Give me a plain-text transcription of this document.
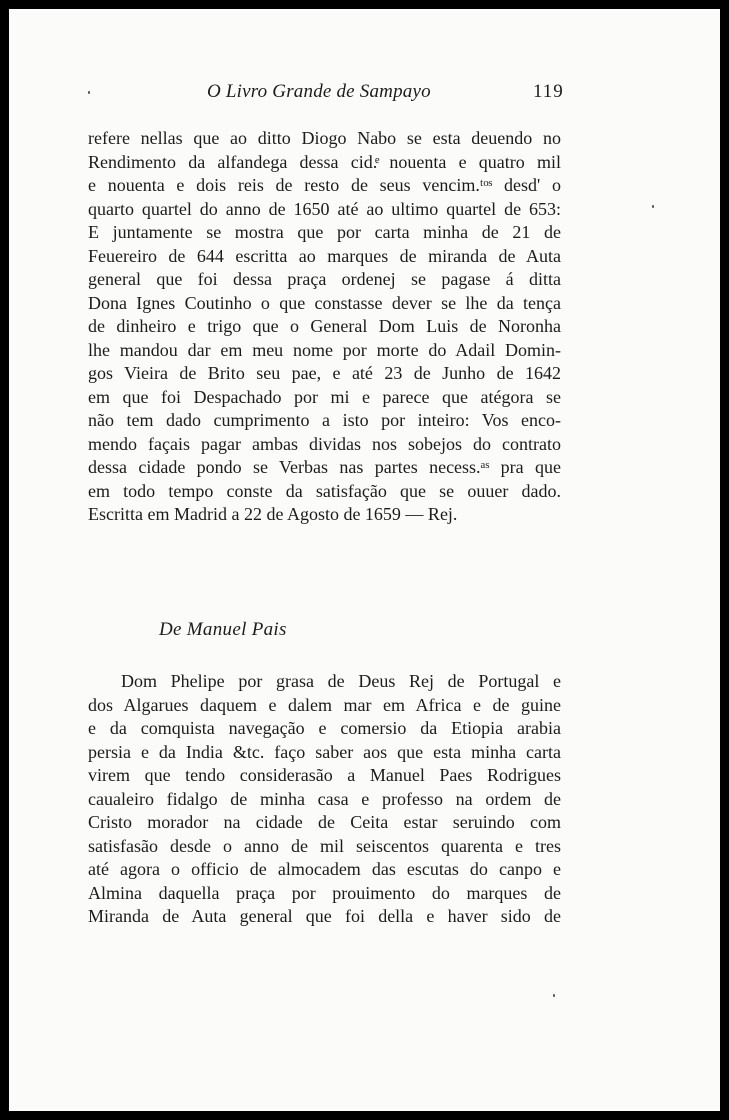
O Livro Grande de Sampayo	119
refere nellas que ao ditto Diogo Nabo se esta deuendo no
Rendimento da alfandega dessa cid.ͤ nouenta e quatro mil
e nouenta e dois reis de resto de seus vencim.ᵗᵒˢ desd' o
quarto quartel do anno de 1650 até ao ultimo quartel de 653:
E juntamente se mostra que por carta minha de 21 de
Feuereiro de 644 escritta ao marques de miranda de Auta
general que foi dessa praça ordenej se pagase á ditta
Dona Ignes Coutinho o que constasse dever se lhe da tença
de dinheiro e trigo que o General Dom Luis de Noronha
lhe mandou dar em meu nome por morte do Adail Domin-
gos Vieira de Brito seu pae, e até 23 de Junho de 1642
em que foi Despachado por mi e parece que atégora se
não tem dado cumprimento a isto por inteiro: Vos enco-
mendo façais pagar ambas dividas nos sobejos do contrato
dessa cidade pondo se Verbas nas partes necess.ᵃˢ pra que
em todo tempo conste da satisfação que se ouuer dado.
Escritta em Madrid a 22 de Agosto de 1659 — Rej.
De Manuel Pais
Dom Phelipe por grasa de Deus Rej de Portugal e
dos Algarues daquem e dalem mar em Africa e de guine
e da comquista navegação e comersio da Etiopia arabia
persia e da India &tc. faço saber aos que esta minha carta
virem que tendo considerasão a Manuel Paes Rodrigues
caualeiro fidalgo de minha casa e professo na ordem de
Cristo morador na cidade de Ceita estar seruindo com
satisfasão desde o anno de mil seiscentos quarenta e tres
até agora o officio de almocadem das escutas do canpo e
Almina daquella praça por prouimento do marques de
Miranda de Auta general que foi della e haver sido de
